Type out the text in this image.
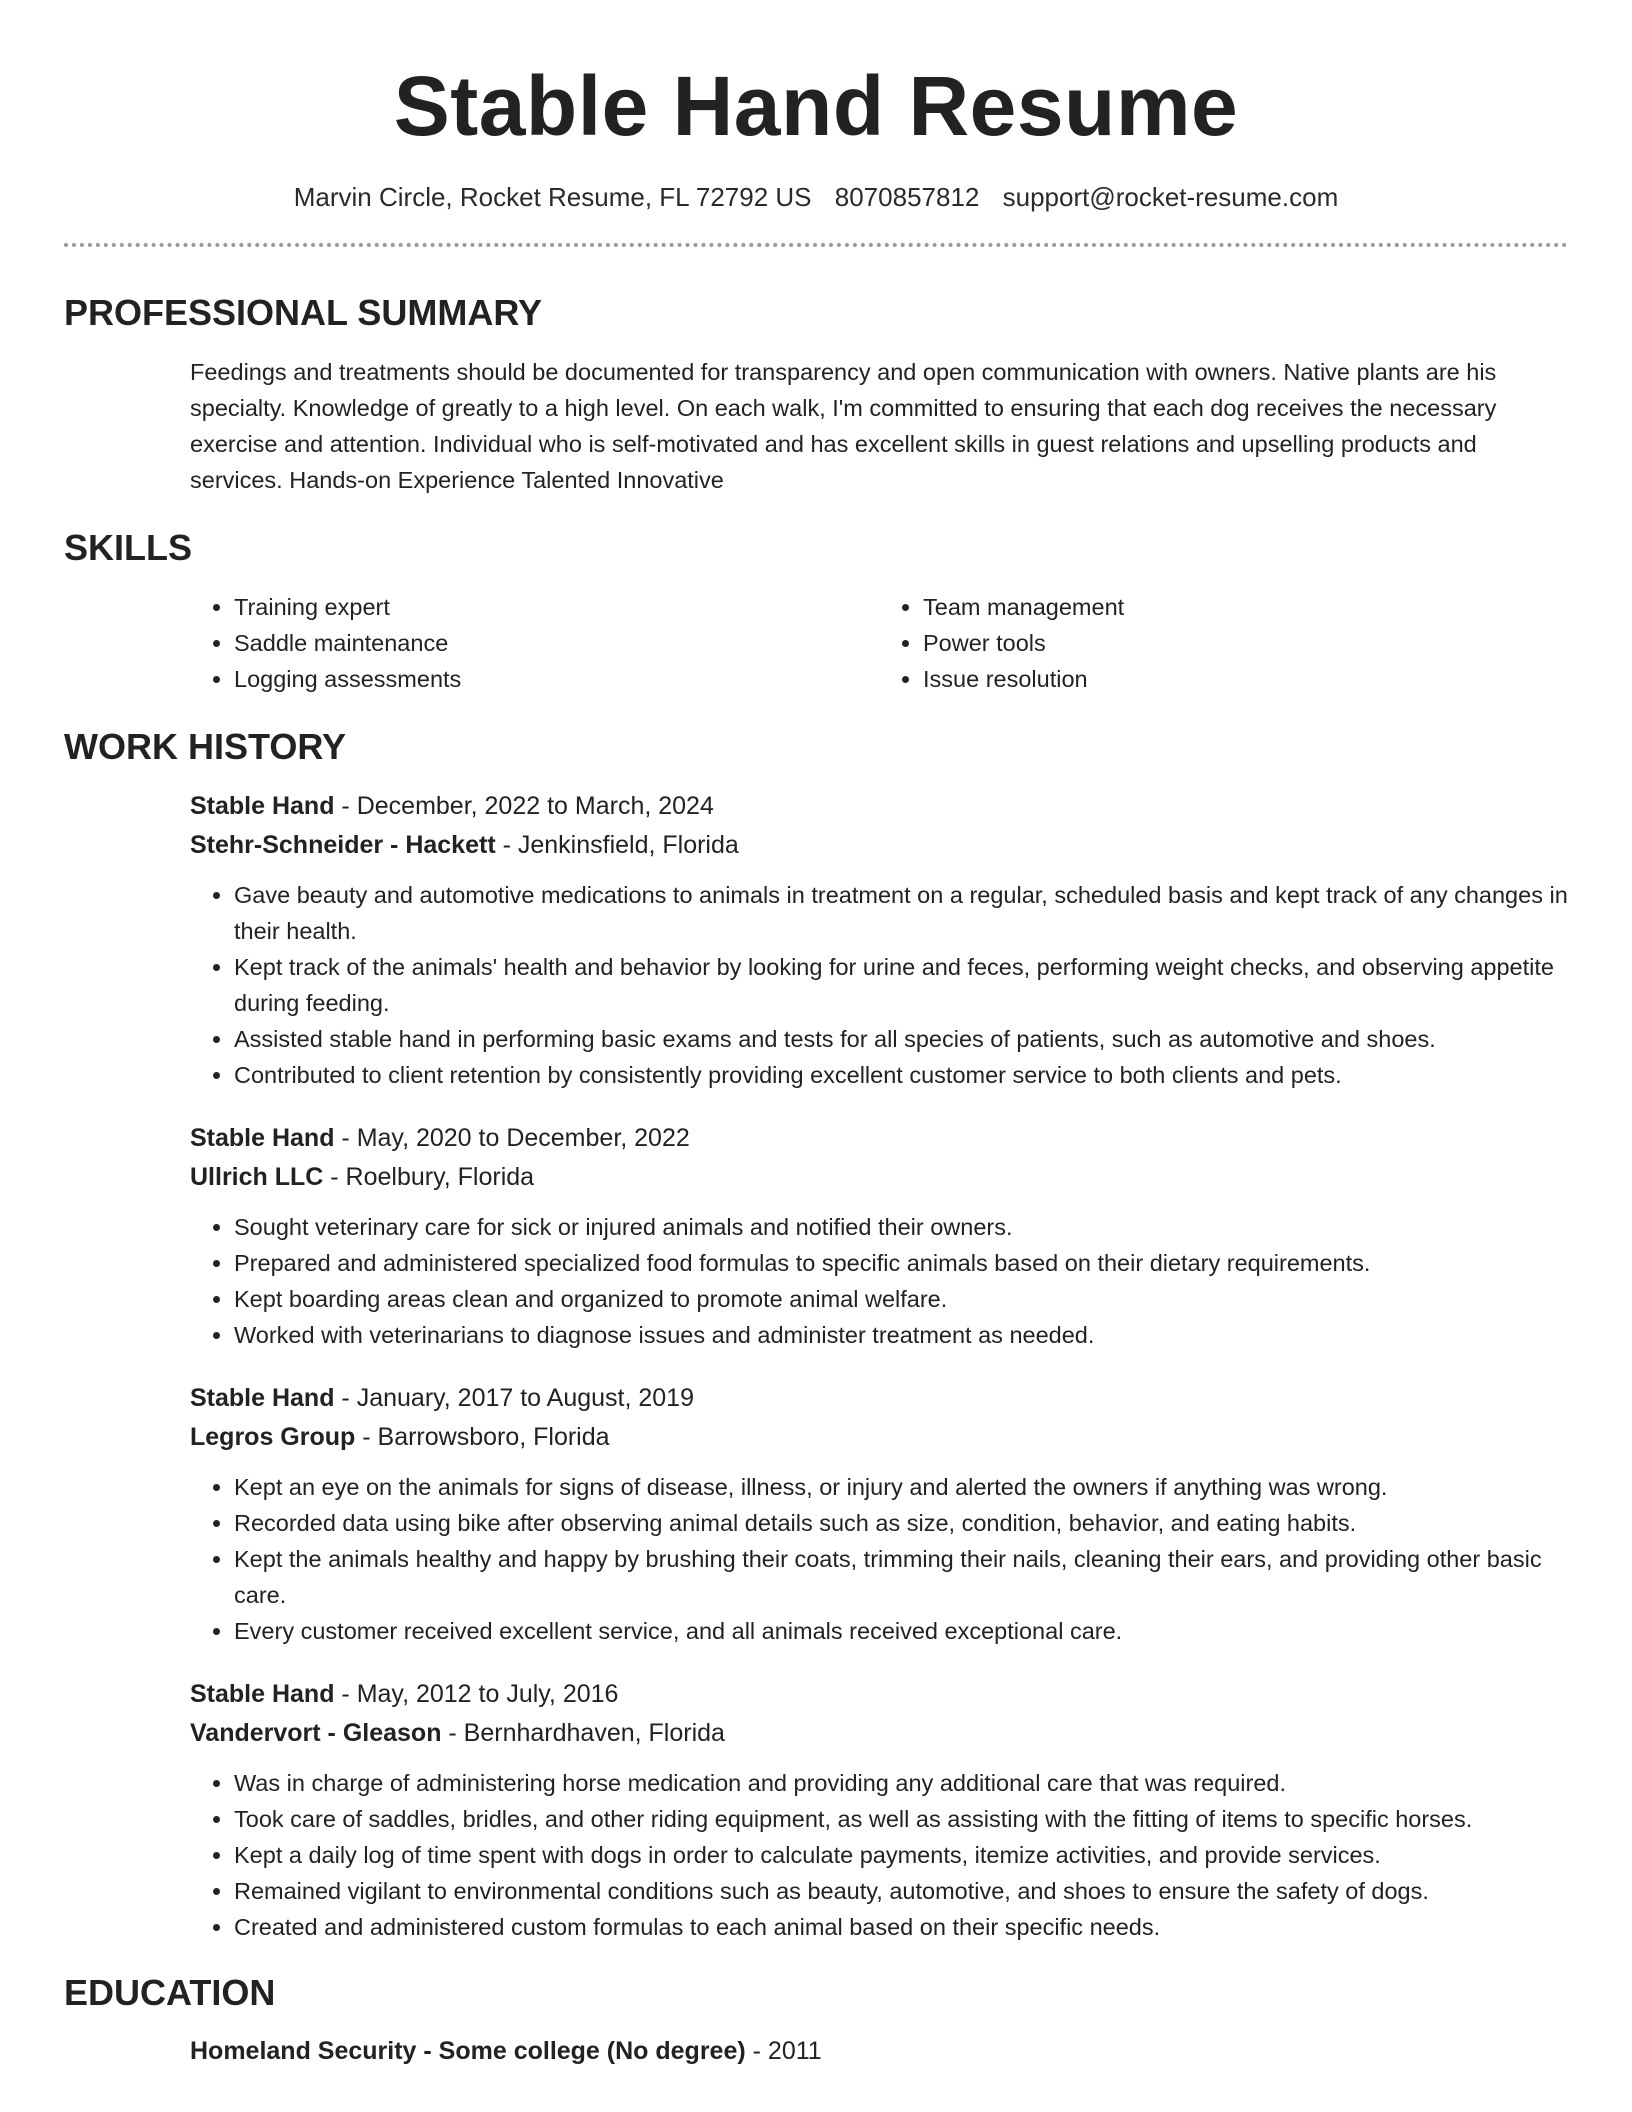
Stable Hand Resume
Marvin Circle, Rocket Resume, FL 72792 US 8070857812 support@rocket-resume.com
PROFESSIONAL SUMMARY

Feedings and treatments should be documented for transparency and open communication with owners. Native plants are his specialty. Knowledge of greatly to a high level. On each walk, I'm committed to ensuring that each dog receives the necessary exercise and attention. Individual who is self-motivated and has excellent skills in guest relations and upselling products and services. Hands-on Experience Talented Innovative

SKILLS
• Training expert
• Saddle maintenance
• Logging assessments
• Team management
• Power tools
• Issue resolution
WORK HISTORY

Stable Hand - December, 2022 to March, 2024

Stehr-Schneider - Hackett - Jenkinsfield, Florida

• Gave beauty and automotive medications to animals in treatment on a regular, scheduled basis and kept track of any changes in their health.
• Kept track of the animals' health and behavior by looking for urine and feces, performing weight checks, and observing appetite during feeding.
• Assisted stable hand in performing basic exams and tests for all species of patients, such as automotive and shoes.
• Contributed to client retention by consistently providing excellent customer service to both clients and pets.

Stable Hand - May, 2020 to December, 2022

Ullrich LLC - Roelbury, Florida

• Sought veterinary care for sick or injured animals and notified their owners.
• Prepared and administered specialized food formulas to specific animals based on their dietary requirements.
• Kept boarding areas clean and organized to promote animal welfare.
• Worked with veterinarians to diagnose issues and administer treatment as needed.

Stable Hand - January, 2017 to August, 2019

Legros Group - Barrowsboro, Florida

• Kept an eye on the animals for signs of disease, illness, or injury and alerted the owners if anything was wrong.
• Recorded data using bike after observing animal details such as size, condition, behavior, and eating habits.
• Kept the animals healthy and happy by brushing their coats, trimming their nails, cleaning their ears, and providing other basic care.
• Every customer received excellent service, and all animals received exceptional care.

Stable Hand - May, 2012 to July, 2016

Vandervort - Gleason - Bernhardhaven, Florida

• Was in charge of administering horse medication and providing any additional care that was required.
• Took care of saddles, bridles, and other riding equipment, as well as assisting with the fitting of items to specific horses.
• Kept a daily log of time spent with dogs in order to calculate payments, itemize activities, and provide services.
• Remained vigilant to environmental conditions such as beauty, automotive, and shoes to ensure the safety of dogs.
• Created and administered custom formulas to each animal based on their specific needs.
EDUCATION

Homeland Security - Some college (No degree) - 2011
